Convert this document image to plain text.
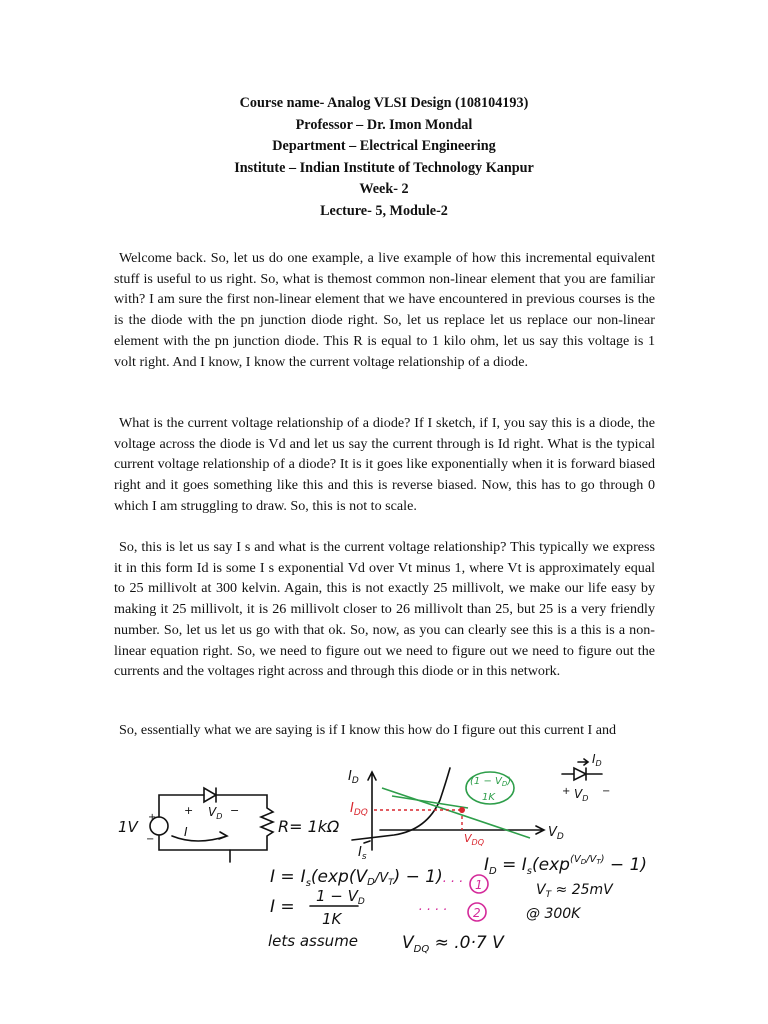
Course name- Analog VLSI Design (108104193)
Professor – Dr. Imon Mondal
Department – Electrical Engineering
Institute – Indian Institute of Technology Kanpur
Week- 2
Lecture- 5, Module-2

Welcome back. So, let us do one example, a live example of how this incremental equivalent stuff is useful to us right. So, what is themost common non-linear element that you are familiar with? I am sure the first non-linear element that we have encountered in previous courses is the is the diode with the pn junction diode right. So, let us replace let us replace our non-linear element with the pn junction diode. This R is equal to 1 kilo ohm, let us say this voltage is 1 volt right. And I know, I know the current voltage relationship of a diode.

What is the current voltage relationship of a diode? If I sketch, if I, you say this is a diode, the voltage across the diode is Vd and let us say the current through is Id right. What is the typical current voltage relationship of a diode? It is it goes like exponentially when it is forward biased right and it goes something like this and this is reverse biased. Now, this has to go through 0 which I am struggling to draw. So, this is not to scale.

So, this is let us say I s and what is the current voltage relationship? This typically we express it in this form Id is some I s exponential Vd over Vt minus 1, where Vt is approximately equal to 25 millivolt at 300 kelvin. Again, this is not exactly 25 millivolt, we make our life easy by making it 25 millivolt, it is 26 millivolt closer to 26 millivolt than 25, but 25 is a very friendly number. So, let us let us go with that ok. So, now, as you can clearly see this is a this is a non-linear equation right. So, we need to figure out we need to figure out we need to figure out the currents and the voltages right across and through this diode or in this network.

So, essentially what we are saying is if I know this how do I figure out this current I and

1V
+
−
+ $V_D$ −
I	R= 1kΩ
$I_D$
$V_D$
$I_{DQ}$
$V_{DQ}$
$I_s$
$(1 - V_D)$
1K
$I_D$
+ $V_D$
−
$I = I_s(\exp(VD/VT) - 1)$ · · · 1
I =
$1 - V_D$
1K	· · · · 2
$I_D = I_s(\exp^{(V}D/VT) - 1$)
$V_T \approx 25mV$
@ 300K
lets assume	$V_{DQ} \approx .0\cdot 7$ V
